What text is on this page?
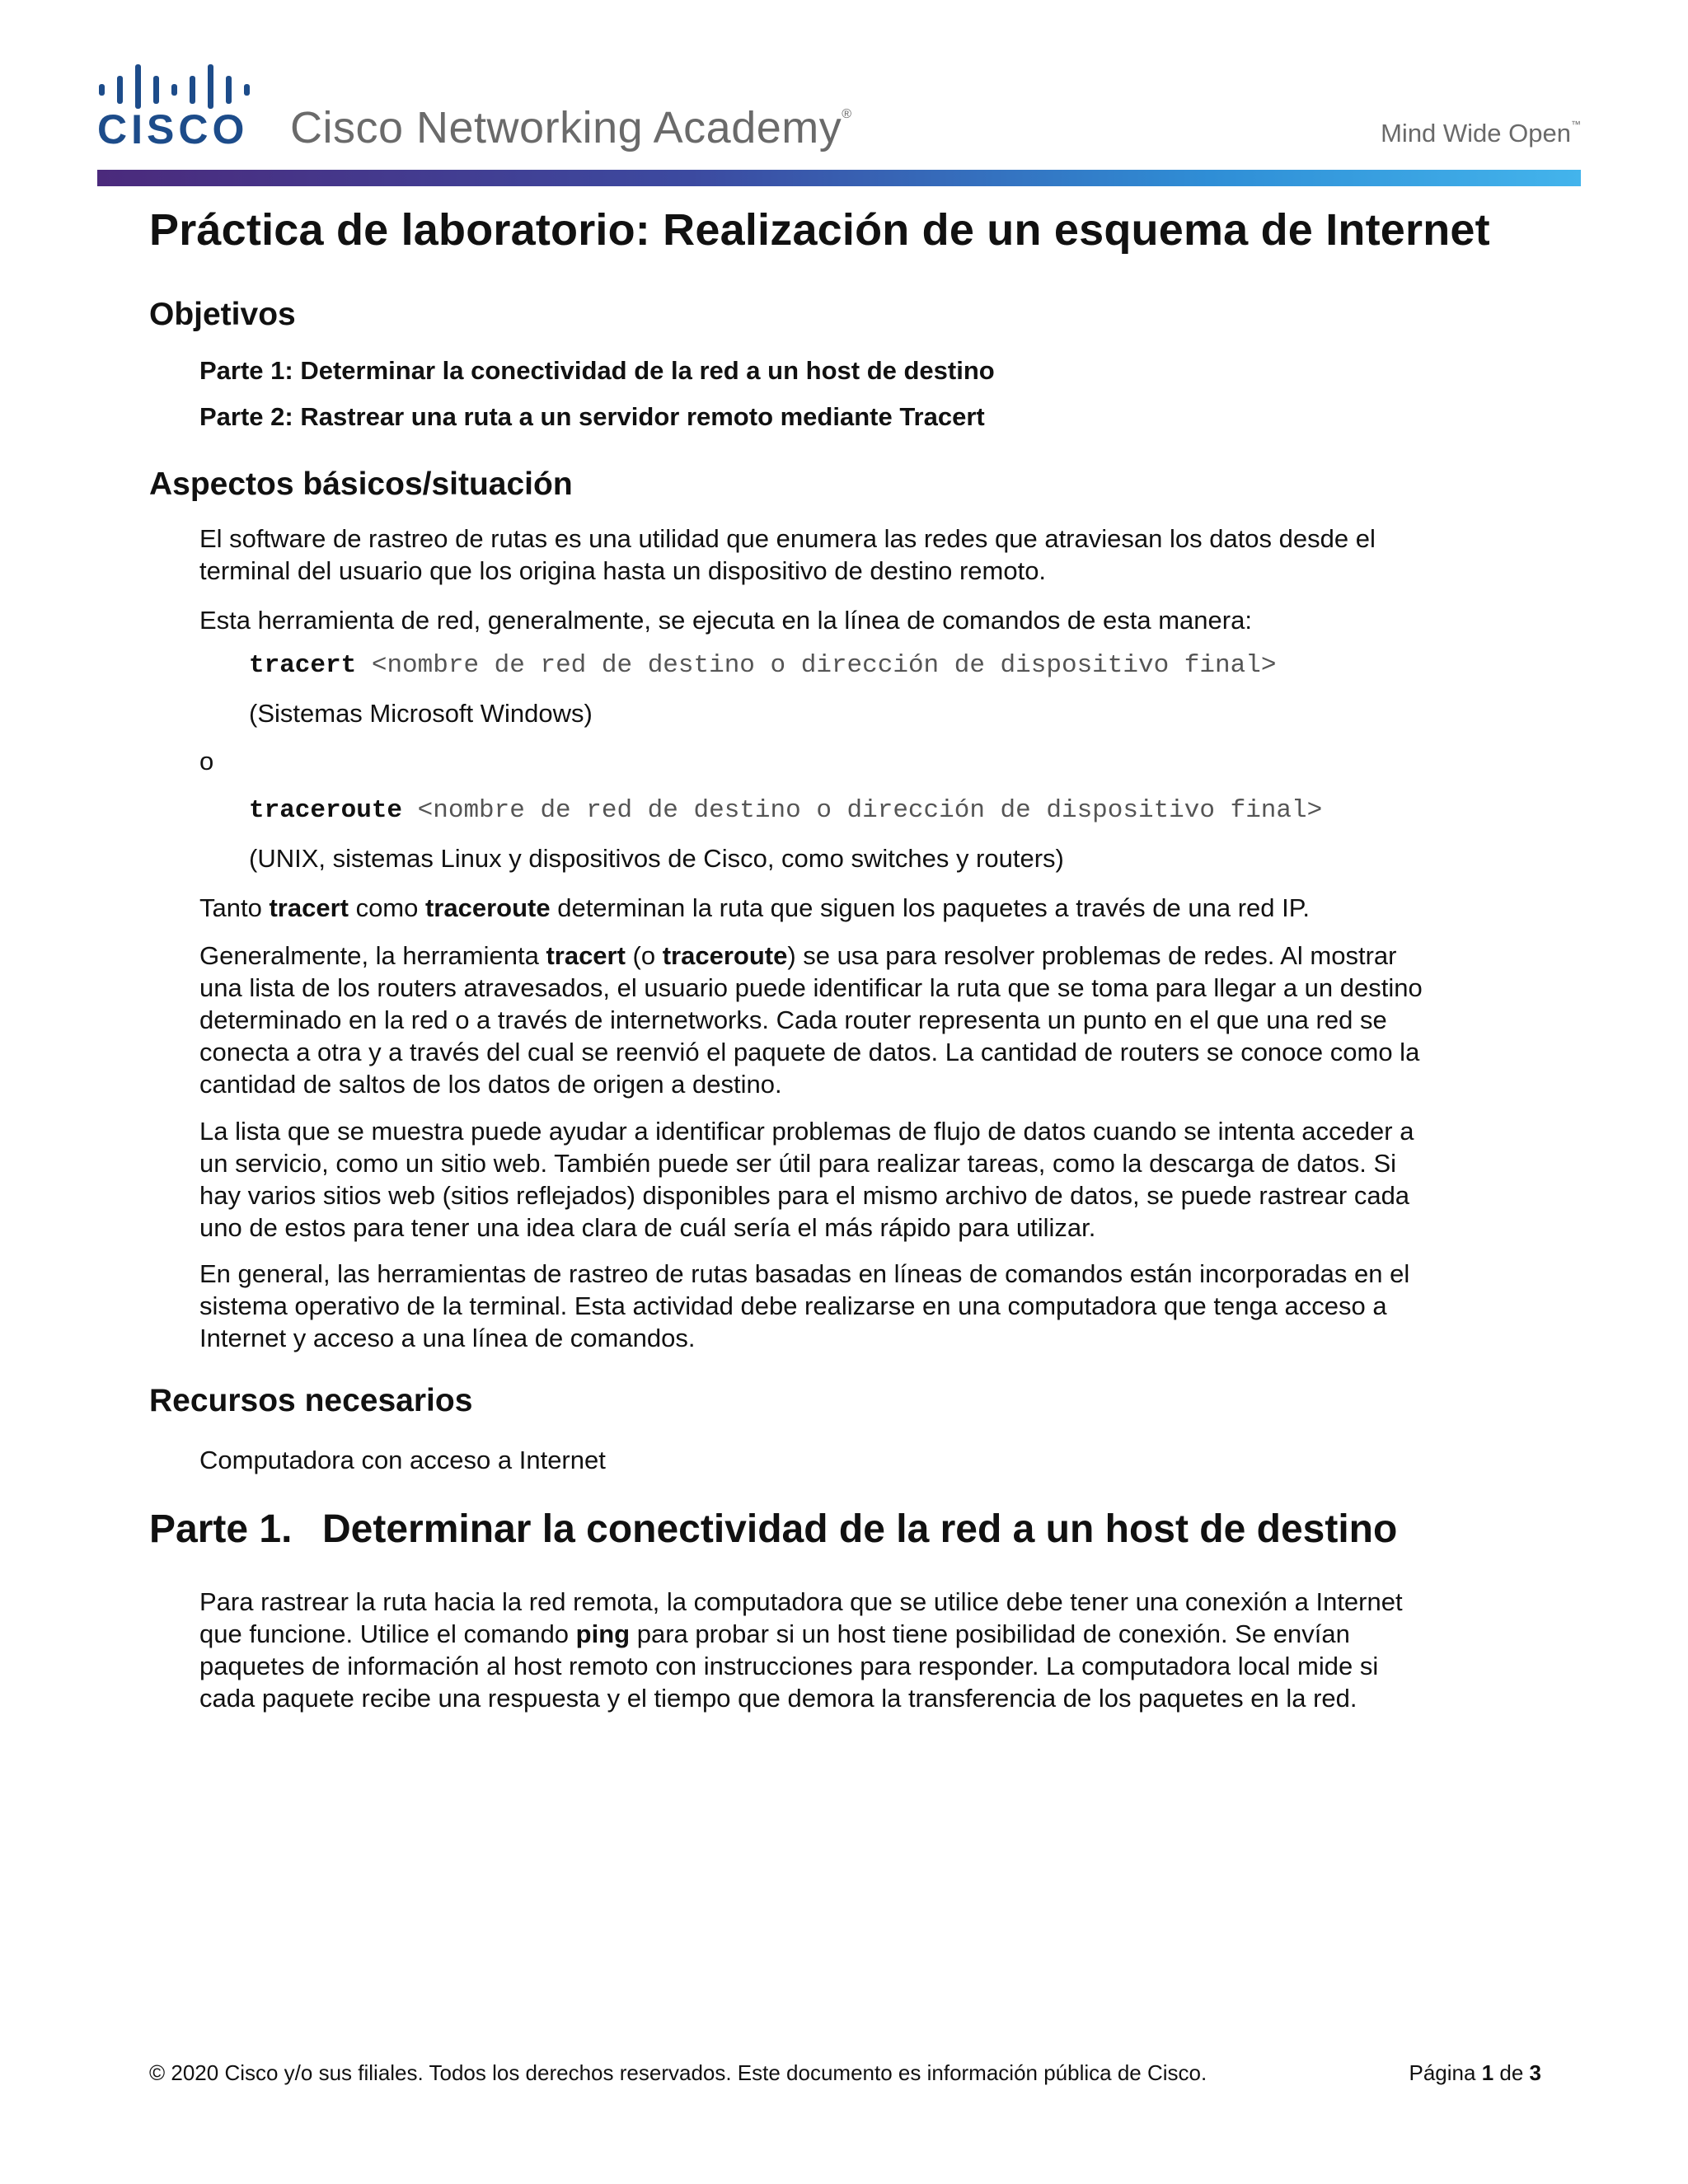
CISCO Cisco Networking Academy®
Mind Wide Open™
Práctica de laboratorio: Realización de un esquema de Internet
Objetivos
Parte 1: Determinar la conectividad de la red a un host de destino
Parte 2: Rastrear una ruta a un servidor remoto mediante Tracert
Aspectos básicos/situación
El software de rastreo de rutas es una utilidad que enumera las redes que atraviesan los datos desde el
terminal del usuario que los origina hasta un dispositivo de destino remoto.
Esta herramienta de red, generalmente, se ejecuta en la línea de comandos de esta manera:
tracert <nombre de red de destino o dirección de dispositivo final>
(Sistemas Microsoft Windows)
o
traceroute <nombre de red de destino o dirección de dispositivo final>
(UNIX, sistemas Linux y dispositivos de Cisco, como switches y routers)
Tanto tracert como traceroute determinan la ruta que siguen los paquetes a través de una red IP.
Generalmente, la herramienta tracert (o traceroute) se usa para resolver problemas de redes. Al mostrar
una lista de los routers atravesados, el usuario puede identificar la ruta que se toma para llegar a un destino
determinado en la red o a través de internetworks. Cada router representa un punto en el que una red se
conecta a otra y a través del cual se reenvió el paquete de datos. La cantidad de routers se conoce como la
cantidad de saltos de los datos de origen a destino.
La lista que se muestra puede ayudar a identificar problemas de flujo de datos cuando se intenta acceder a
un servicio, como un sitio web. También puede ser útil para realizar tareas, como la descarga de datos. Si
hay varios sitios web (sitios reflejados) disponibles para el mismo archivo de datos, se puede rastrear cada
uno de estos para tener una idea clara de cuál sería el más rápido para utilizar.
En general, las herramientas de rastreo de rutas basadas en líneas de comandos están incorporadas en el
sistema operativo de la terminal. Esta actividad debe realizarse en una computadora que tenga acceso a
Internet y acceso a una línea de comandos.
Recursos necesarios
Computadora con acceso a Internet
Parte 1. Determinar la conectividad de la red a un host de destino
Para rastrear la ruta hacia la red remota, la computadora que se utilice debe tener una conexión a Internet
que funcione. Utilice el comando ping para probar si un host tiene posibilidad de conexión. Se envían
paquetes de información al host remoto con instrucciones para responder. La computadora local mide si
cada paquete recibe una respuesta y el tiempo que demora la transferencia de los paquetes en la red.
© 2020 Cisco y/o sus filiales. Todos los derechos reservados. Este documento es información pública de Cisco.	Página 1 de 3
